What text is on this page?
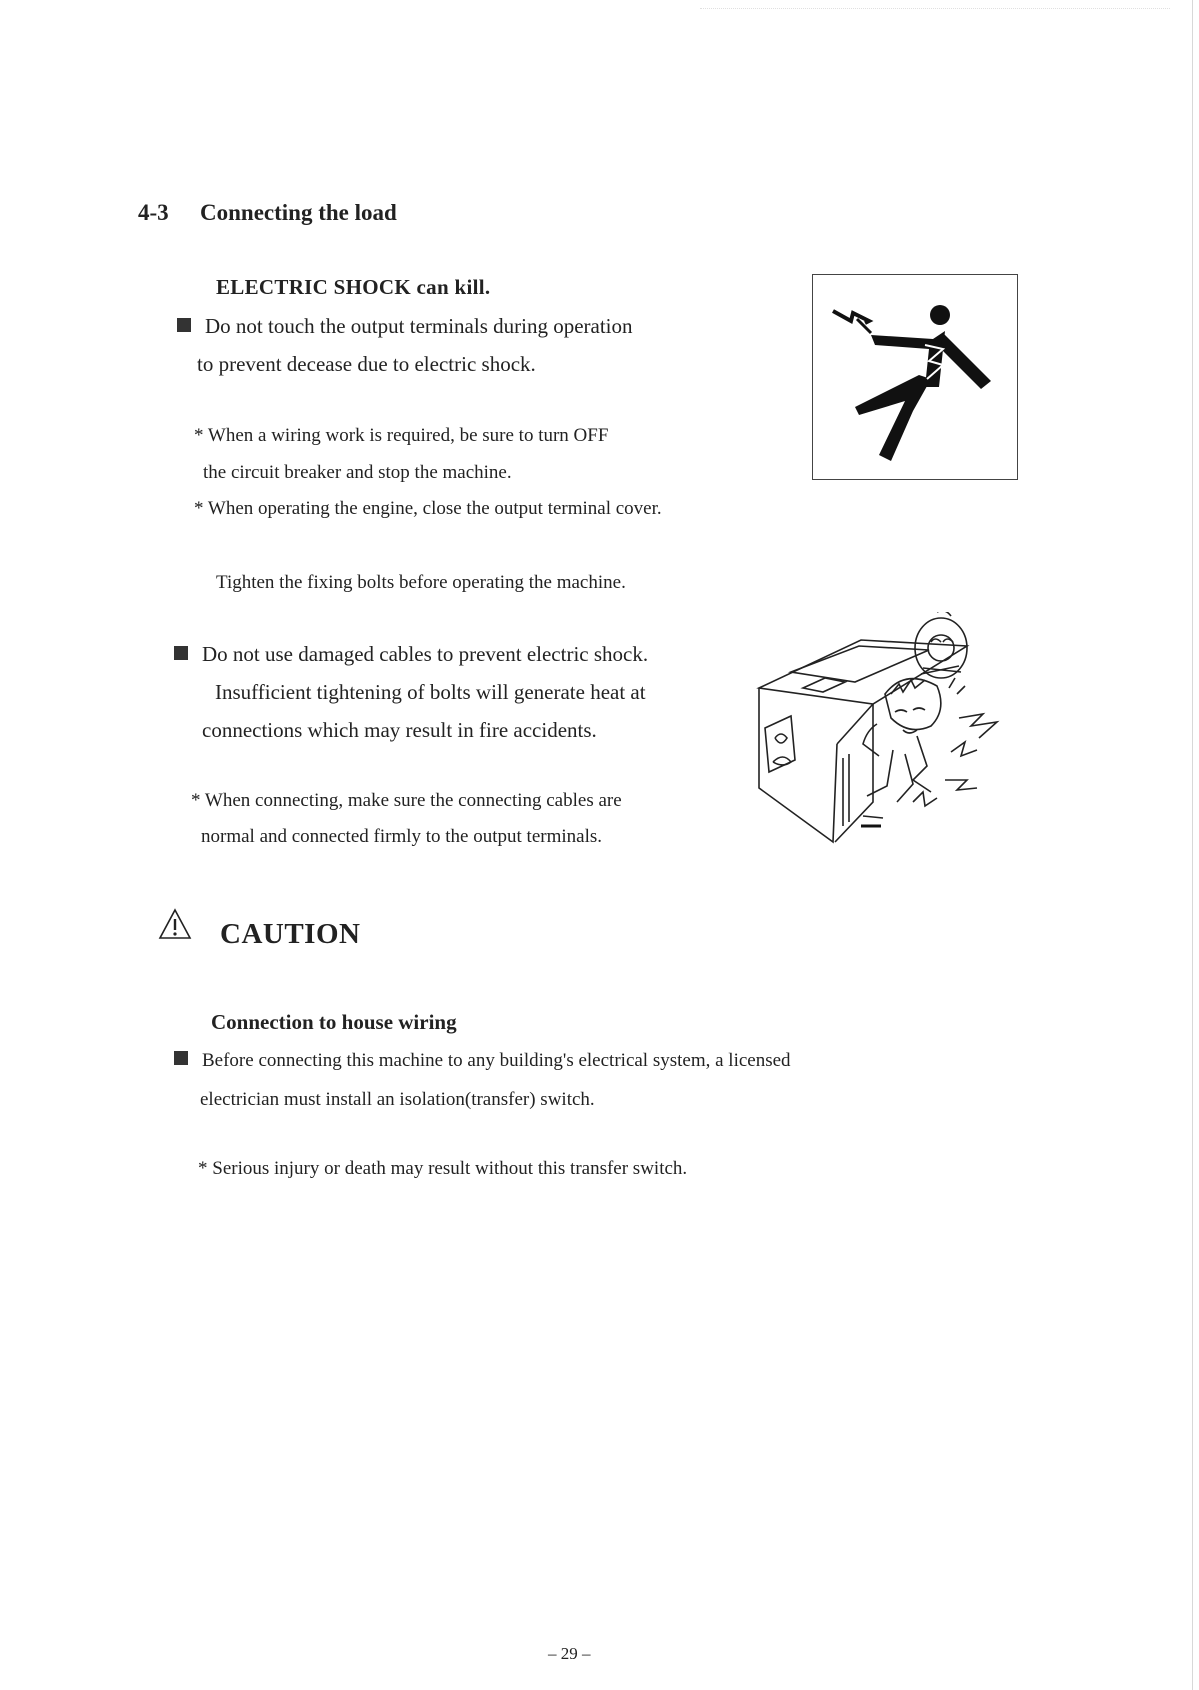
4-3 Connecting the load
ELECTRIC SHOCK can kill.
Do not touch the output terminals during operation
to prevent decease due to electric shock.
* When a wiring work is required, be sure to turn OFF
the circuit breaker and stop the machine.
* When operating the engine, close the output terminal cover.
Tighten the fixing bolts before operating the machine.
Do not use damaged cables to prevent electric shock.
Insufficient tightening of bolts will generate heat at
connections which may result in fire accidents.
* When connecting, make sure the connecting cables are
normal and connected firmly to the output terminals.
CAUTION
Connection to house wiring
Before connecting this machine to any building's electrical system, a licensed
electrician must install an isolation(transfer) switch.
* Serious injury or death may result without this transfer switch.
– 29 –
